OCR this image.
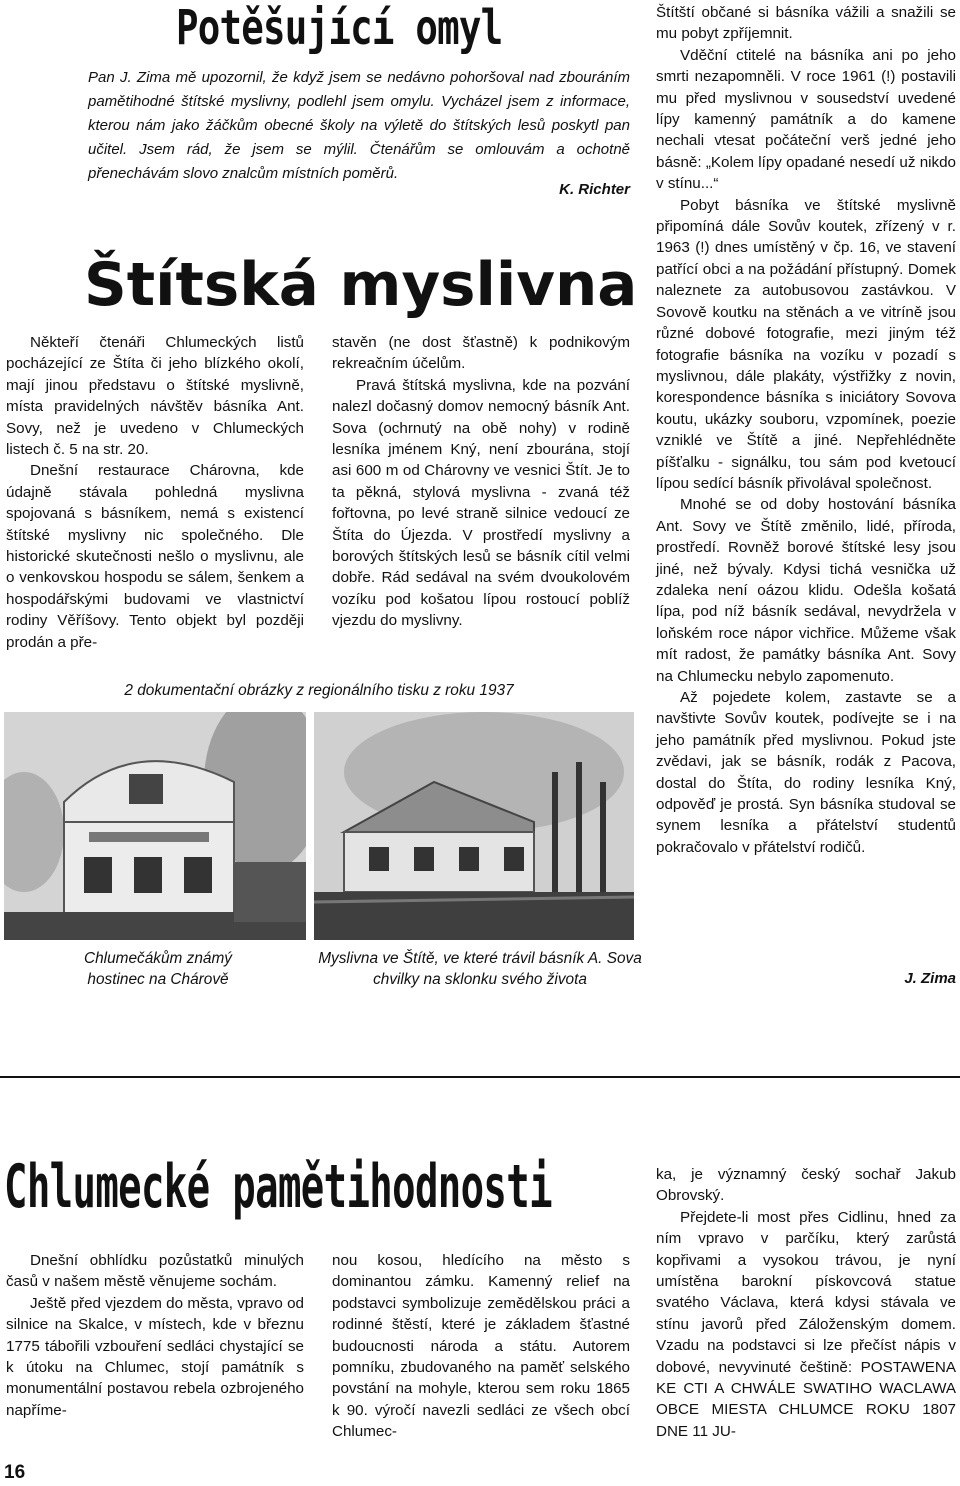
Potěšující omyl

Pan J. Zima mě upozornil, že když jsem se nedávno pohoršoval nad zbouráním pamětihodné štítské myslivny, podlehl jsem omylu. Vycházel jsem z informace, kterou nám jako žáčkům obecné školy na výletě do štítských lesů poskytl pan učitel. Jsem rád, že jsem se mýlil. Čtenářům se omlouvám a ochotně přenechávám slovo znalcům místních poměrů.

K. Richter
Štítská myslivna

Někteří čtenáři Chlumeckých listů pocházející ze Štíta či jeho blízkého okolí, mají jinou představu o štítské myslivně, místa pravidelných návštěv básníka Ant. Sovy, než je uvedeno v Chlumeckých listech č. 5 na str. 20.

Dnešní restaurace Chárovna, kde údajně stávala pohledná myslivna spojovaná s básníkem, nemá s existencí štítské myslivny nic společného. Dle historické skutečnosti nešlo o myslivnu, ale o venkovskou hospodu se sálem, šenkem a hospodářskými budovami ve vlastnictví rodiny Věříšovy. Tento objekt byl později prodán a pře-

stavěn (ne dost šťastně) k podnikovým rekreačním účelům.

Pravá štítská myslivna, kde na pozvání nalezl dočasný domov nemocný básník Ant. Sova (ochrnutý na obě nohy) v rodině lesníka jménem Kný, není zbourána, stojí asi 600 m od Chárovny ve vesnici Štít. Je to ta pěkná, stylová myslivna - zvaná též fořtovna, po levé straně silnice vedoucí ze Štíta do Újezda. V prostředí myslivny a borových štítských lesů se básník cítil velmi dobře. Rád sedával na svém dvoukolovém vozíku pod košatou lípou rostoucí poblíž vjezdu do myslivny.

Štítští občané si básníka vážili a snažili se mu pobyt zpříjemnit.

Vděční ctitelé na básníka ani po jeho smrti nezapomněli. V roce 1961 (!) postavili mu před myslivnou v sousedství uvedené lípy kamenný památník a do kamene nechali vtesat počáteční verš jedné jeho básně: „Kolem lípy opadané nesedí už nikdo v stínu...“

Pobyt básníka ve štítské myslivně připomíná dále Sovův koutek, zřízený v r. 1963 (!) dnes umístěný v čp. 16, ve stavení patřící obci a na požádání přístupný. Domek naleznete za autobusovou zastávkou. V Sovově koutku na stěnách a ve vitríně jsou různé dobové fotografie, mezi jiným též fotografie básníka na vozíku v pozadí s myslivnou, dále plakáty, výstřižky z novin, korespondence básníka s iniciátory Sovova koutu, ukázky souboru, vzpomínek, poezie vzniklé ve Štítě a jiné. Nepřehlédněte píšťalku - signálku, tou sám pod kvetoucí lípou sedící básník přivolával společnost.

Mnohé se od doby hostování básníka Ant. Sovy ve Štítě změnilo, lidé, příroda, prostředí. Rovněž borové štítské lesy jsou jiné, než bývaly. Kdysi tichá vesnička už zdaleka není oázou klidu. Odešla košatá lípa, pod níž básník sedával, nevydržela v loňském roce nápor vichřice. Můžeme však mít radost, že památky básníka Ant. Sovy na Chlumecku nebylo zapomenuto.

Až pojedete kolem, zastavte se a navštivte Sovův koutek, podívejte se i na jeho památník před myslivnou. Pokud jste zvědavi, jak se básník, rodák z Pacova, dostal do Štíta, do rodiny lesníka Kný, odpověď je prostá. Syn básníka studoval se synem lesníka a přátelství studentů pokračovalo v přátelství rodičů.

J. Zima
2 dokumentační obrázky z regionálního tisku z roku 1937
Chlumečákům známý hostinec na Chárově
Myslivna ve Štítě, ve které trávil básník A. Sova chvilky na sklonku svého života
Chlumecké pamětihodnosti

Dnešní obhlídku pozůstatků minulých časů v našem městě věnujeme sochám.

Ještě před vjezdem do města, vpravo od silnice na Skalce, v místech, kde v březnu 1775 tábořili vzbouření sedláci chystající se k útoku na Chlumec, stojí památník s monumentální postavou rebela ozbrojeného napříme-

nou kosou, hledícího na město s dominantou zámku. Kamenný relief na podstavci symbolizuje zemědělskou práci a rodinné štěstí, které je základem šťastné budoucnosti národa a státu. Autorem pomníku, zbudovaného na paměť selského povstání na mohyle, kterou sem roku 1865 k 90. výročí navezli sedláci ze všech obcí Chlumec-

ka, je významný český sochař Jakub Obrovský.

Přejdete-li most přes Cidlinu, hned za ním vpravo v parčíku, který zarůstá kopřivami a vysokou trávou, je nyní umístěna barokní pískovcová statue svatého Václava, která kdysi stávala ve stínu javorů před Záloženským domem. Vzadu na podstavci si lze přečíst nápis v dobové, nevyvinuté češtině: POSTAWENA KE CTI A CHWÁLE SWATIHO WACLAWA OBCE MIESTA CHLUMCE ROKU 1807 DNE 11 JU-

16
